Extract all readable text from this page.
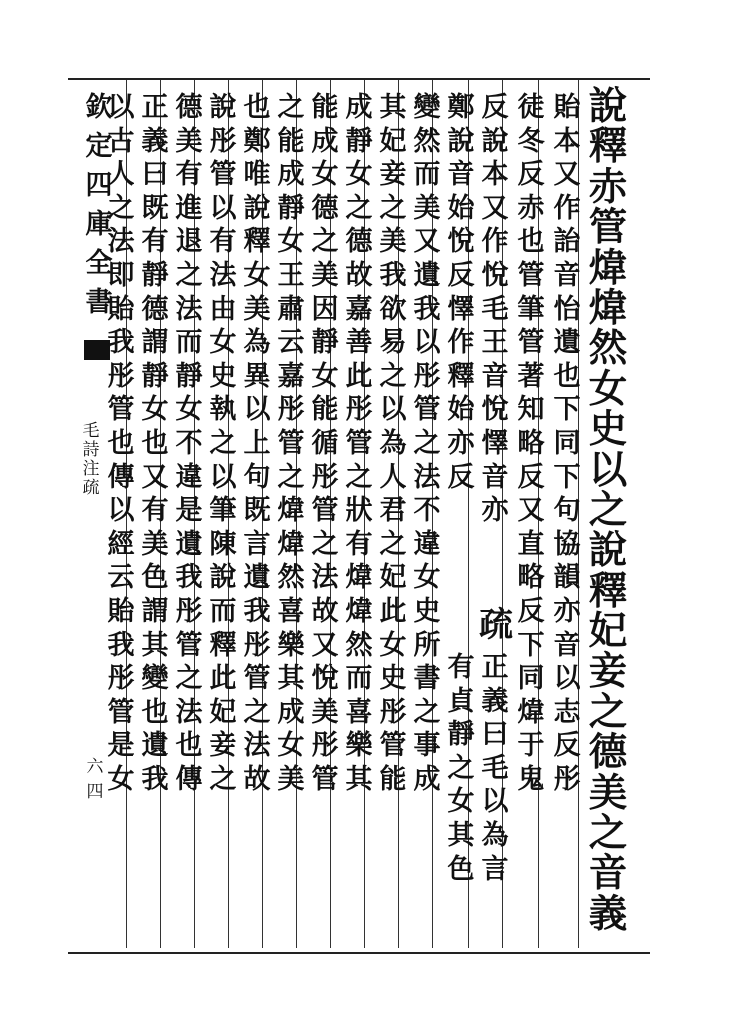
欽
定
四
庫
全
書
毛
詩
注
疏
六四
說
釋
赤
管
煒
煒
然
女
史
以
之
說
釋
妃
妾
之
德
美
之
音
義
貽
本
又
作
詒
音
怡
遺
也
下
同
下
句
協
韻
亦
音
以
志
反
彤
徒
冬
反
赤
也
管
筆
管
著
知
略
反
又
直
略
反
下
同
煒
于
鬼
反
說
本
又
作
悅
毛
王
音
悅
懌
音
亦
疏
正
義
曰
毛
以
為
言
鄭
說
音
始
悅
反
懌
作
釋
始
亦
反
有
貞
靜
之
女
其
色
變
然
而
美
又
遺
我
以
彤
管
之
法
不
違
女
史
所
書
之
事
成
其
妃
妾
之
美
我
欲
易
之
以
為
人
君
之
妃
此
女
史
彤
管
能
成
靜
女
之
德
故
嘉
善
此
彤
管
之
狀
有
煒
煒
然
而
喜
樂
其
能
成
女
德
之
美
因
靜
女
能
循
彤
管
之
法
故
又
悅
美
彤
管
之
能
成
靜
女
王
肅
云
嘉
彤
管
之
煒
煒
然
喜
樂
其
成
女
美
也
鄭
唯
說
釋
女
美
為
異
以
上
句
既
言
遺
我
彤
管
之
法
故
說
彤
管
以
有
法
由
女
史
執
之
以
筆
陳
說
而
釋
此
妃
妾
之
德
美
有
進
退
之
法
而
靜
女
不
違
是
遺
我
彤
管
之
法
也
傳
正
義
曰
既
有
靜
德
謂
靜
女
也
又
有
美
色
謂
其
變
也
遺
我
以
古
人
之
法
即
貽
我
彤
管
也
傳
以
經
云
貽
我
彤
管
是
女
